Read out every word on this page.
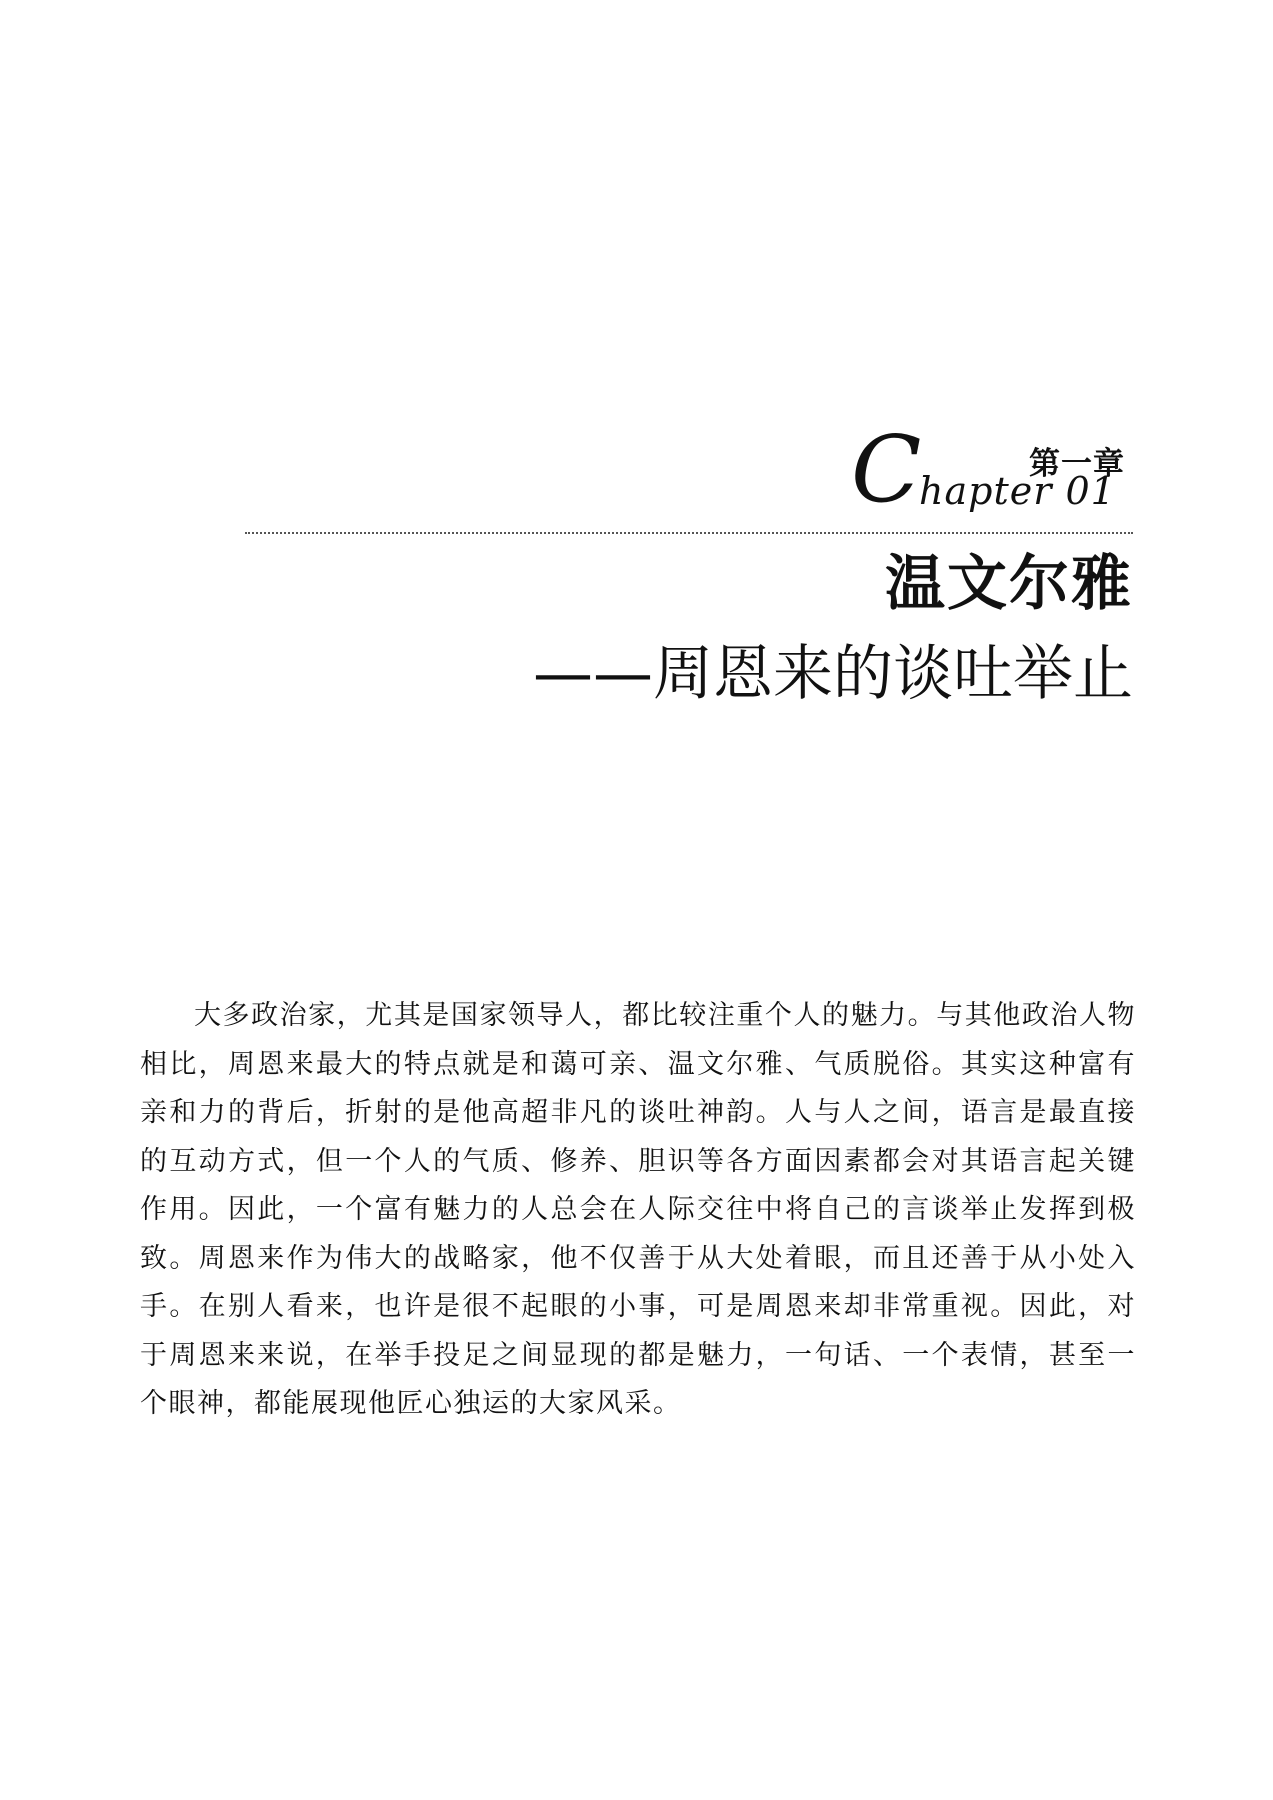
第一章
C
hapter 01
温文尔雅
——周恩来的谈吐举止
大多政治家，尤其是国家领导人，都比较注重个人的魅力。与其他政治人物相比，周恩来最大的特点就是和蔼可亲、温文尔雅、气质脱俗。其实这种富有亲和力的背后，折射的是他高超非凡的谈吐神韵。人与人之间，语言是最直接的互动方式，但一个人的气质、修养、胆识等各方面因素都会对其语言起关键作用。因此，一个富有魅力的人总会在人际交往中将自己的言谈举止发挥到极致。周恩来作为伟大的战略家，他不仅善于从大处着眼，而且还善于从小处入手。在别人看来，也许是很不起眼的小事，可是周恩来却非常重视。因此，对于周恩来来说，在举手投足之间显现的都是魅力，一句话、一个表情，甚至一个眼神，都能展现他匠心独运的大家风采。
